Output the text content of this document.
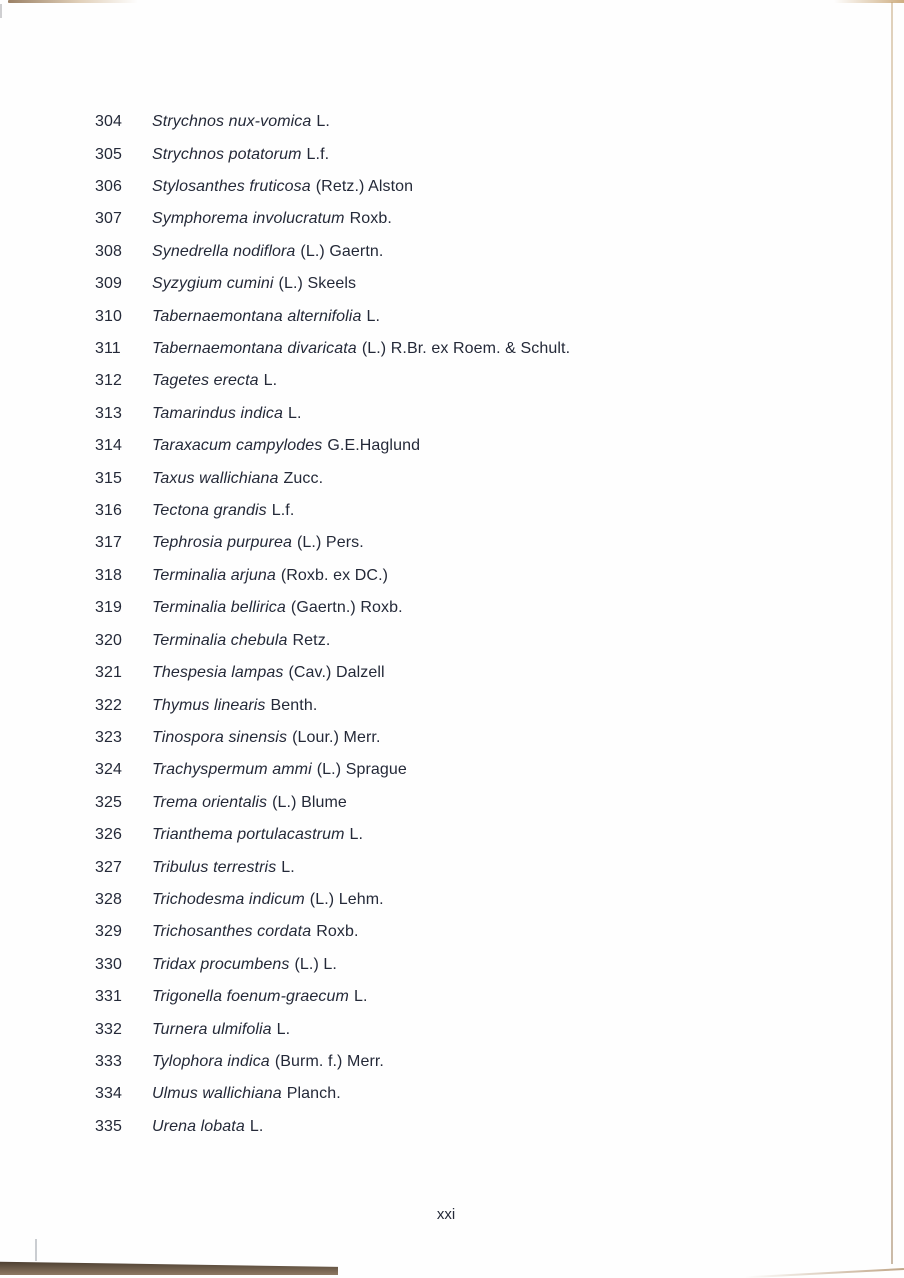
304	Strychnos nux-vomica L.
305	Strychnos potatorum L.f.
306	Stylosanthes fruticosa (Retz.) Alston
307	Symphorema involucratum Roxb.
308	Synedrella nodiflora (L.) Gaertn.
309	Syzygium cumini (L.) Skeels
310	Tabernaemontana alternifolia L.
311	Tabernaemontana divaricata (L.) R.Br. ex Roem. & Schult.
312	Tagetes erecta L.
313	Tamarindus indica L.
314	Taraxacum campylodes G.E.Haglund
315	Taxus wallichiana Zucc.
316	Tectona grandis L.f.
317	Tephrosia purpurea (L.) Pers.
318	Terminalia arjuna (Roxb. ex DC.)
319	Terminalia bellirica (Gaertn.) Roxb.
320	Terminalia chebula Retz.
321	Thespesia lampas (Cav.) Dalzell
322	Thymus linearis Benth.
323	Tinospora sinensis (Lour.) Merr.
324	Trachyspermum ammi (L.) Sprague
325	Trema orientalis (L.) Blume
326	Trianthema portulacastrum L.
327	Tribulus terrestris L.
328	Trichodesma indicum (L.) Lehm.
329	Trichosanthes cordata Roxb.
330	Tridax procumbens (L.) L.
331	Trigonella foenum-graecum L.
332	Turnera ulmifolia L.
333	Tylophora indica (Burm. f.) Merr.
334	Ulmus wallichiana Planch.
335	Urena lobata L.
xxi
